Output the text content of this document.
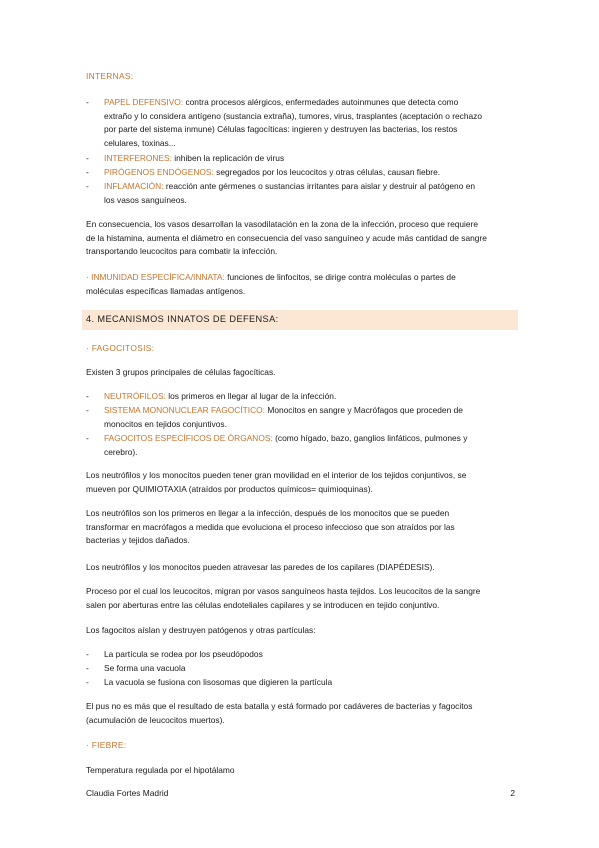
INTERNAS:
- PAPEL DEFENSIVO: contra procesos alérgicos, enfermedades autoinmunes que detecta como
extraño y lo considera antígeno (sustancia extraña), tumores, virus, trasplantes (aceptación o rechazo
por parte del sistema inmune) Células fagocíticas: ingieren y destruyen las bacterias, los restos
celulares, toxinas...
- INTERFERONES: inhiben la replicación de virus
- PIRÓGENOS ENDÓGENOS: segregados por los leucocitos y otras células, causan fiebre.
- INFLAMACIÓN: reacción ante gérmenes o sustancias irritantes para aislar y destruir al patógeno en
los vasos sanguíneos.
En consecuencia, los vasos desarrollan la vasodilatación en la zona de la infección, proceso que requiere
de la histamina, aumenta el diámetro en consecuencia del vaso sanguíneo y acude más cantidad de sangre
transportando leucocitos para combatir la infección.
· INMUNIDAD ESPECÍFICA/INNATA: funciones de linfocitos, se dirige contra moléculas o partes de
moléculas específicas llamadas antígenos.
4. MECANISMOS INNATOS DE DEFENSA:
· FAGOCITOSIS:
Existen 3 grupos principales de células fagocíticas.
- NEUTRÓFILOS: los primeros en llegar al lugar de la infección.
- SISTEMA MONONUCLEAR FAGOCÍTICO: Monocitos en sangre y Macrófagos que proceden de
monocitos en tejidos conjuntivos.
- FAGOCITOS ESPECÍFICOS DE ÓRGANOS: (como hígado, bazo, ganglios linfáticos, pulmones y
cerebro).
Los neutrófilos y los monocitos pueden tener gran movilidad en el interior de los tejidos conjuntivos, se
mueven por QUIMIOTAXIA (atraídos por productos químicos= quimioquinas).
Los neutrófilos son los primeros en llegar a la infección, después de los monocitos que se pueden
transformar en macrófagos a medida que evoluciona el proceso infeccioso que son atraídos por las
bacterias y tejidos dañados.
Los neutrófilos y los monocitos pueden atravesar las paredes de los capilares (DIAPÉDESIS).
Proceso por el cual los leucocitos, migran por vasos sanguíneos hasta tejidos. Los leucocitos de la sangre
salen por aberturas entre las células endoteliales capilares y se introducen en tejido conjuntivo.
Los fagocitos aíslan y destruyen patógenos y otras partículas:
- La partícula se rodea por los pseudópodos
- Se forma una vacuola
- La vacuola se fusiona con lisosomas que digieren la partícula
El pus no es más que el resultado de esta batalla y está formado por cadáveres de bacterias y fagocitos
(acumulación de leucocitos muertos).
· FIEBRE:
Temperatura regulada por el hipotálamo
Claudia Fortes Madrid	2
